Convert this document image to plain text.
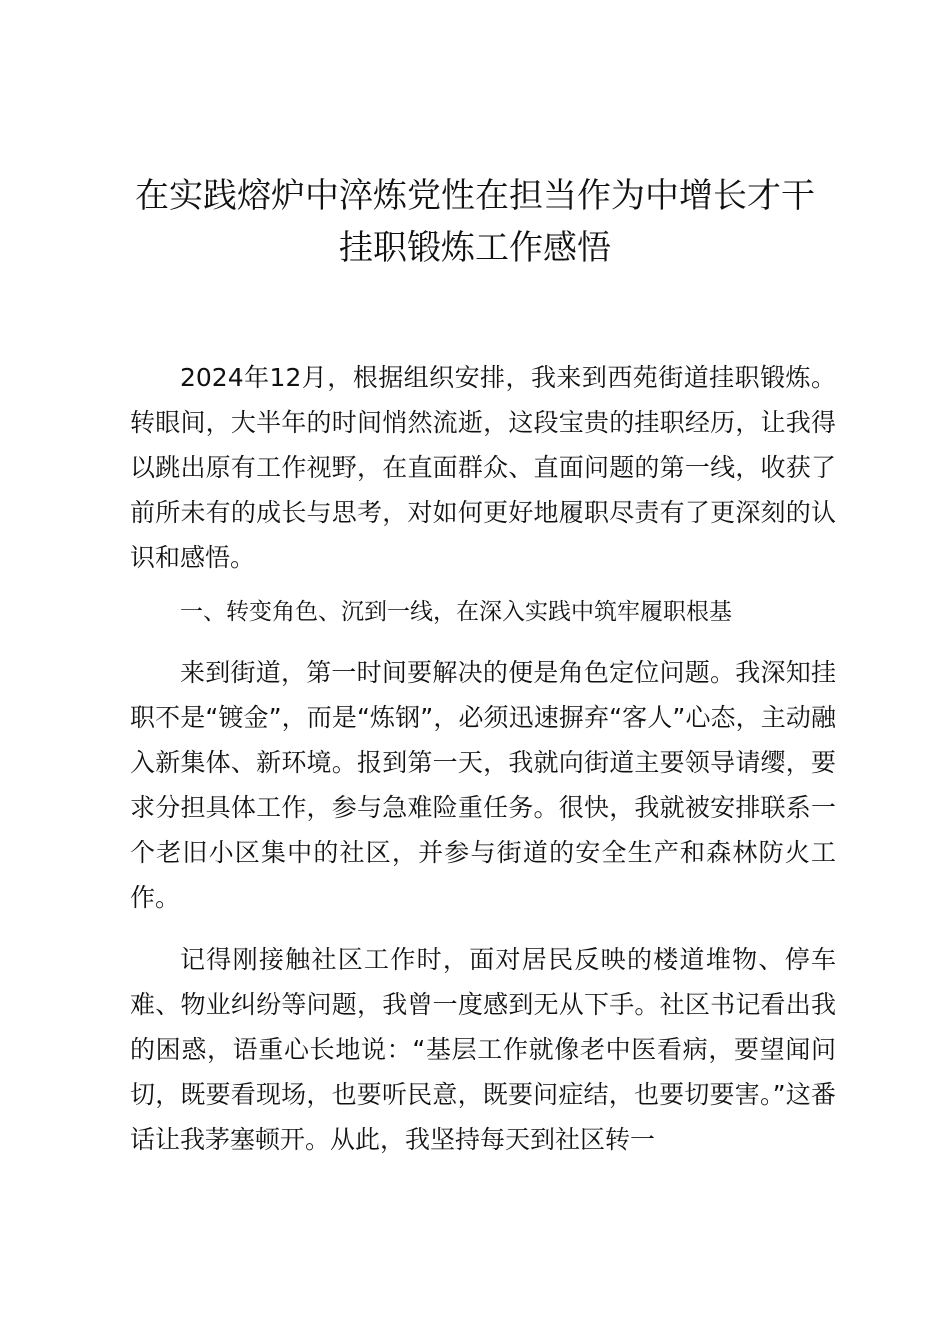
在实践熔炉中淬炼党性在担当作为中增长才干
挂职锻炼工作感悟

2024年12月，根据组织安排，我来到西苑街道挂职锻炼。转眼间，大半年的时间悄然流逝，这段宝贵的挂职经历，让我得以跳出原有工作视野，在直面群众、直面问题的第一线，收获了前所未有的成长与思考，对如何更好地履职尽责有了更深刻的认识和感悟。

一、转变角色、沉到一线，在深入实践中筑牢履职根基

来到街道，第一时间要解决的便是角色定位问题。我深知挂职不是“镀金”，而是“炼钢”，必须迅速摒弃“客人”心态，主动融入新集体、新环境。报到第一天，我就向街道主要领导请缨，要求分担具体工作，参与急难险重任务。很快，我就被安排联系一个老旧小区集中的社区，并参与街道的安全生产和森林防火工作。

记得刚接触社区工作时，面对居民反映的楼道堆物、停车难、物业纠纷等问题，我曾一度感到无从下手。社区书记看出我的困惑，语重心长地说：“基层工作就像老中医看病，要望闻问切，既要看现场，也要听民意，既要问症结，也要切要害。”这番话让我茅塞顿开。从此，我坚持每天到社区转一
